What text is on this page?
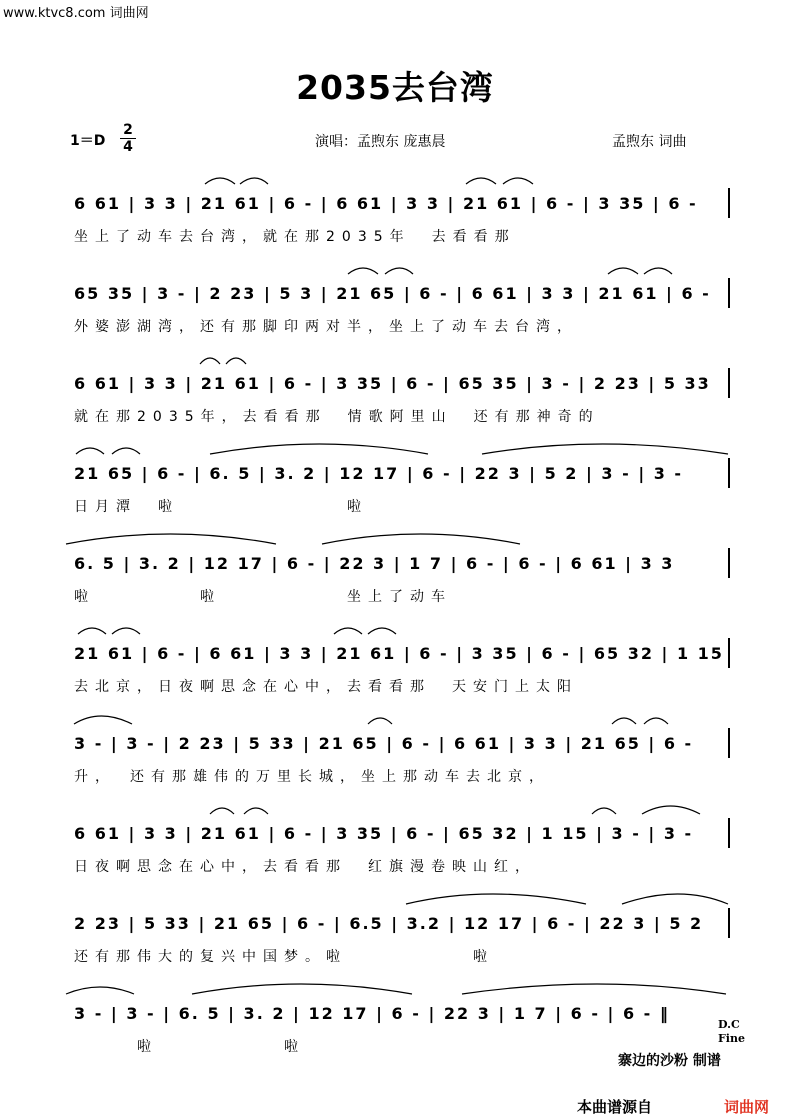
www.ktvc8.com 词曲网
2035去台湾
1＝D
2
4	演唱：孟煦东 庞惠晨	孟煦东 词曲
6 61 | 3 3 | 21 61 | 6 - | 6 61 | 3 3 | 21 61 | 6 - | 3 35 | 6 -
坐上了动车去台湾，就在那2035年　去看看那
65 35 | 3 - | 2 23 | 5 3 | 21 65 | 6 - | 6 61 | 3 3 | 21 61 | 6 -
外婆澎湖湾，还有那脚印两对半，坐上了动车去台湾，
6 61 | 3 3 | 21 61 | 6 - | 3 35 | 6 - | 65 35 | 3 - | 2 23 | 5 33
就在那2035年，去看看那　情歌阿里山　还有那神奇的
21 65 | 6 - | 6. 5 | 3. 2 | 12 17 | 6 - | 22 3 | 5 2 | 3 - | 3 -
日月潭　啦　　　　　　　　啦
6. 5 | 3. 2 | 12 17 | 6 - | 22 3 | 1 7 | 6 - | 6 - | 6 61 | 3 3
啦　　　　　啦　　　　　　坐上了动车
21 61 | 6 - | 6 61 | 3 3 | 21 61 | 6 - | 3 35 | 6 - | 65 32 | 1 15
去北京，日夜啊思念在心中，去看看那　天安门上太阳
3 - | 3 - | 2 23 | 5 33 | 21 65 | 6 - | 6 61 | 3 3 | 21 65 | 6 -
升，　还有那雄伟的万里长城，坐上那动车去北京，
6 61 | 3 3 | 21 61 | 6 - | 3 35 | 6 - | 65 32 | 1 15 | 3 - | 3 -
日夜啊思念在心中，去看看那　红旗漫卷映山红，
2 23 | 5 33 | 21 65 | 6 - | 6.5 | 3.2 | 12 17 | 6 - | 22 3 | 5 2
还有那伟大的复兴中国梦。啦　　　　　　啦
3 - | 3 - | 6. 5 | 3. 2 | 12 17 | 6 - | 22 3 | 1 7 | 6 - | 6 - ‖
　　　啦　　　　　　啦
D.C
Fine
寨边的沙粉 制谱
本曲谱源自	词曲网
